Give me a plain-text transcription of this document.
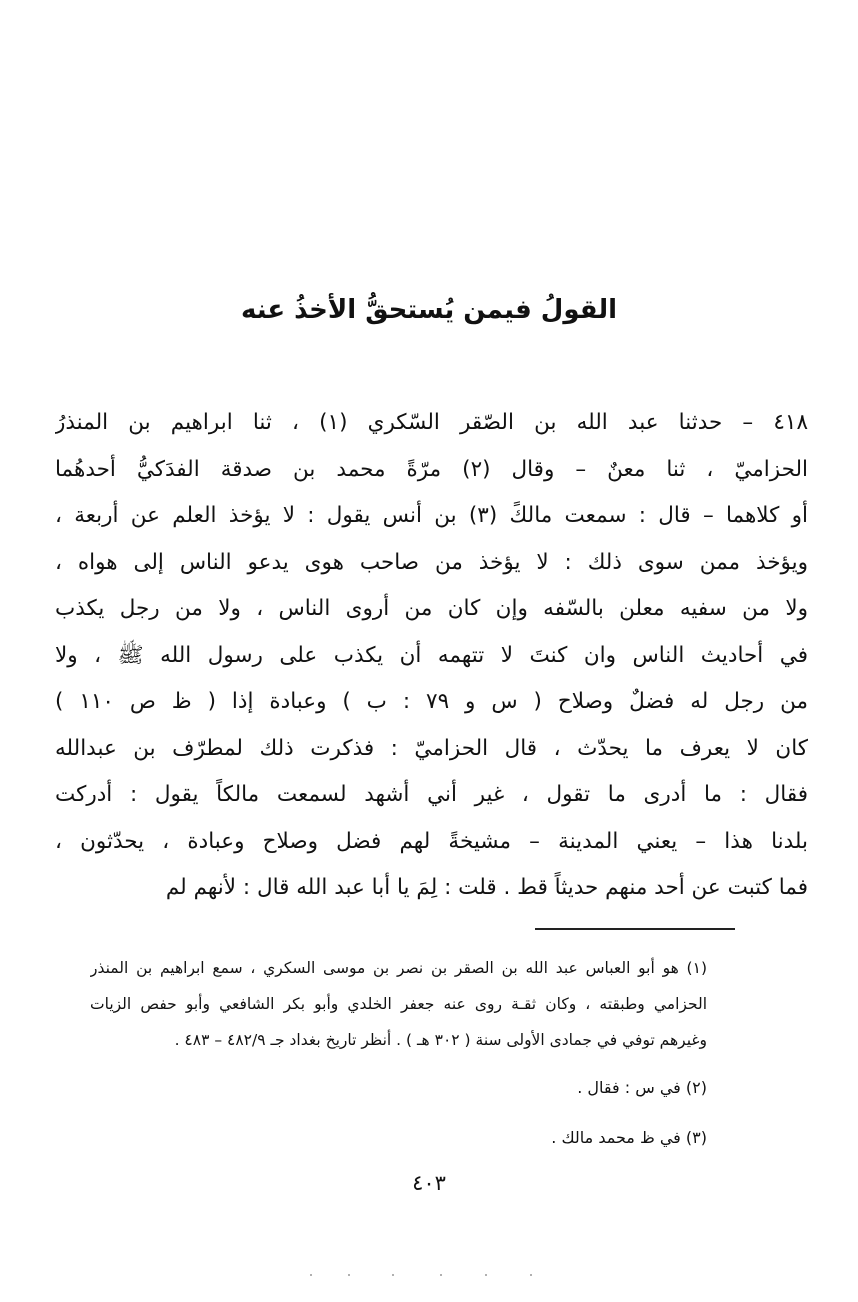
القولُ فيمن يُستحقُّ الأخذُ عنه
٤١٨ – حدثنا عبد الله بن الصّقر السّكري (١) ، ثنا ابراهيم بن المنذرُ
الحزاميّ ، ثنا معنٌ – وقال (٢) مرّةً محمد بن صدقة الفدَكيُّ أحدهُما
أو كلاهما – قال : سمعت مالكً (٣) بن أنس يقول : لا يؤخذ العلم عن أربعة ،
ويؤخذ ممن سوى ذلك : لا يؤخذ من صاحب هوى يدعو الناس إلى هواه ،
ولا من سفيه معلن بالسّفه وإن كان من أروى الناس ، ولا من رجل يكذب
في أحاديث الناس وان كنتَ لا تتهمه أن يكذب على رسول الله ﷺ ، ولا
من رجل له فضلٌ وصلاح ( س و ٧٩ : ب ) وعبادة إذا ( ظ ص ١١٠ )
كان لا يعرف ما يحدّث ، قال الحزاميّ : فذكرت ذلك لمطرّف بن عبدالله
فقال : ما أدرى ما تقول ، غير أني أشهد لسمعت مالكاً يقول : أدركت
بلدنا هذا – يعني المدينة – مشيخةً لهم فضل وصلاح وعبادة ، يحدّثون ،
فما كتبت عن أحد منهم حديثاً قط . قلت : لِمَ يا أبا عبد الله قال : لأنهم لم
(١) هو أبو العباس عبد الله بن الصقر بن نصر بن موسى السكري ، سمع ابراهيم بن المنذر
الحزامي وطبقته ، وكان ثقـة روى عنه جعفر الخلدي وأبو بكر الشافعي وأبو حفص الزيات
وغيرهم توفي في جمادى الأولى سنة ( ٣٠٢ هـ ) . أنظر تاريخ بغداد جـ ٤٨٢/٩ – ٤٨٣ .
(٢) في س : فقال .
(٣) في ظ محمد مالك .
٤٠٣
